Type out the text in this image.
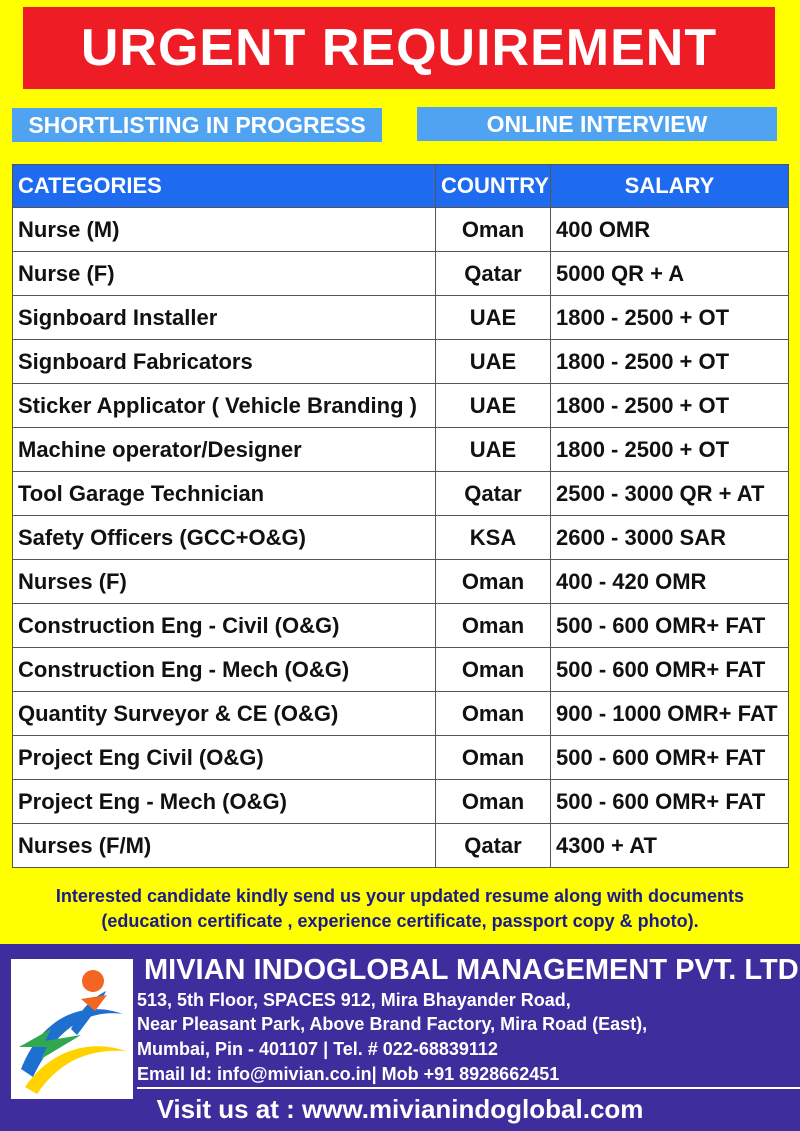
URGENT REQUIREMENT
SHORTLISTING IN PROGRESS	ONLINE INTERVIEW
CATEGORIES	COUNTRY	SALARY
Nurse (M)	Oman	400 OMR
Nurse (F)	Qatar	5000 QR + A
Signboard Installer	UAE	1800 - 2500 + OT
Signboard Fabricators	UAE	1800 - 2500 + OT
Sticker Applicator ( Vehicle Branding )	UAE	1800 - 2500 + OT
Machine operator/Designer	UAE	1800 - 2500 + OT
Tool Garage Technician	Qatar	2500 - 3000 QR + AT
Safety Officers (GCC+O&G)	KSA	2600 - 3000 SAR
Nurses (F)	Oman	400 - 420 OMR
Construction Eng - Civil (O&G)	Oman	500 - 600 OMR+ FAT
Construction Eng - Mech (O&G)	Oman	500 - 600 OMR+ FAT
Quantity Surveyor & CE (O&G)	Oman	900 - 1000 OMR+ FAT
Project Eng Civil (O&G)	Oman	500 - 600 OMR+ FAT
Project Eng - Mech (O&G)	Oman	500 - 600 OMR+ FAT
Nurses (F/M)	Qatar	4300 + AT
Interested candidate kindly send us your updated resume along with documents
(education certificate , experience certificate, passport copy & photo).
MIVIAN INDOGLOBAL MANAGEMENT PVT. LTD
513, 5th Floor, SPACES 912, Mira Bhayander Road,
Near Pleasant Park, Above Brand Factory, Mira Road (East),
Mumbai, Pin - 401107 | Tel. # 022-68839112
Email Id: info@mivian.co.in| Mob +91 8928662451
Visit us at : www.mivianindoglobal.com
